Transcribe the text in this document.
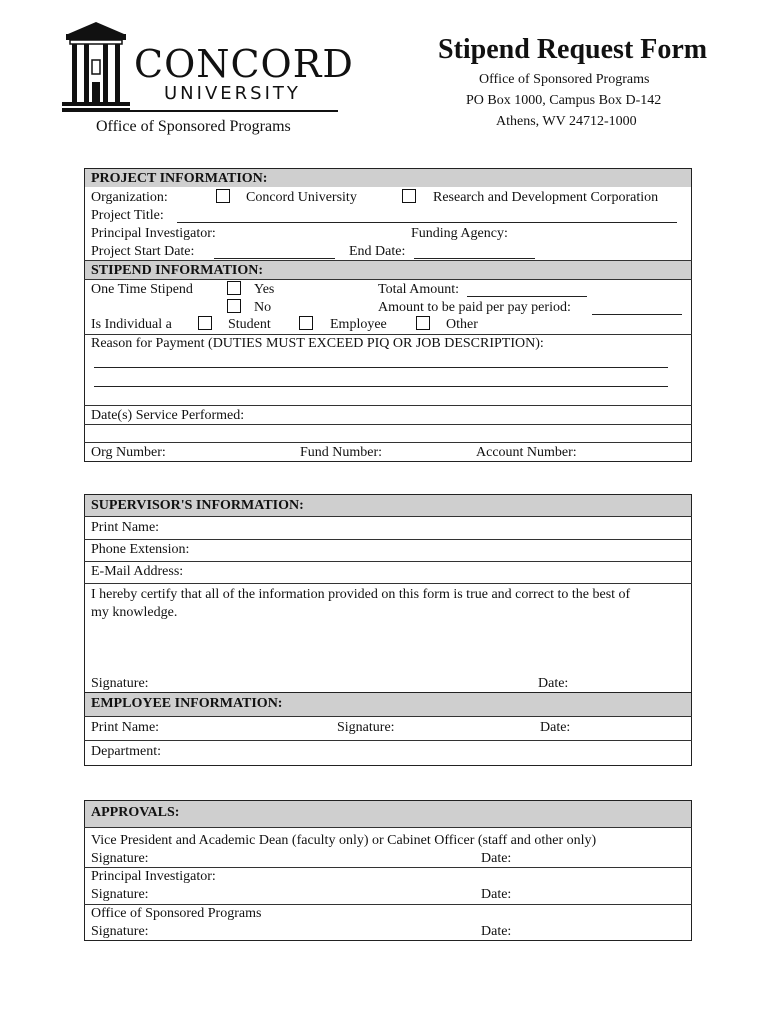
CONCORD
UNIVERSITY
Office of Sponsored Programs
Stipend Request Form
Office of Sponsored Programs
PO Box 1000, Campus Box D-142
Athens, WV 24712-1000
PROJECT INFORMATION:
Organization:	Concord University	Research and Development Corporation
Project Title:
Principal Investigator:	Funding Agency:
Project Start Date:	End Date:
STIPEND INFORMATION:
One Time Stipend	Yes	Total Amount:
No	Amount to be paid per pay period:
Is Individual a	Student	Employee	Other
Reason for Payment (DUTIES MUST EXCEED PIQ OR JOB DESCRIPTION):
Date(s) Service Performed:
Org Number:	Fund Number:	Account Number:
SUPERVISOR'S INFORMATION:
Print Name:
Phone Extension:
E-Mail Address:
I hereby certify that all of the information provided on this form is true and correct to the best of
my knowledge.
Signature:	Date:
EMPLOYEE INFORMATION:
Print Name:	Signature:	Date:
Department:
APPROVALS:
Vice President and Academic Dean (faculty only) or Cabinet Officer (staff and other only)
Signature:	Date:
Principal Investigator:
Signature:	Date:
Office of Sponsored Programs
Signature:	Date:
